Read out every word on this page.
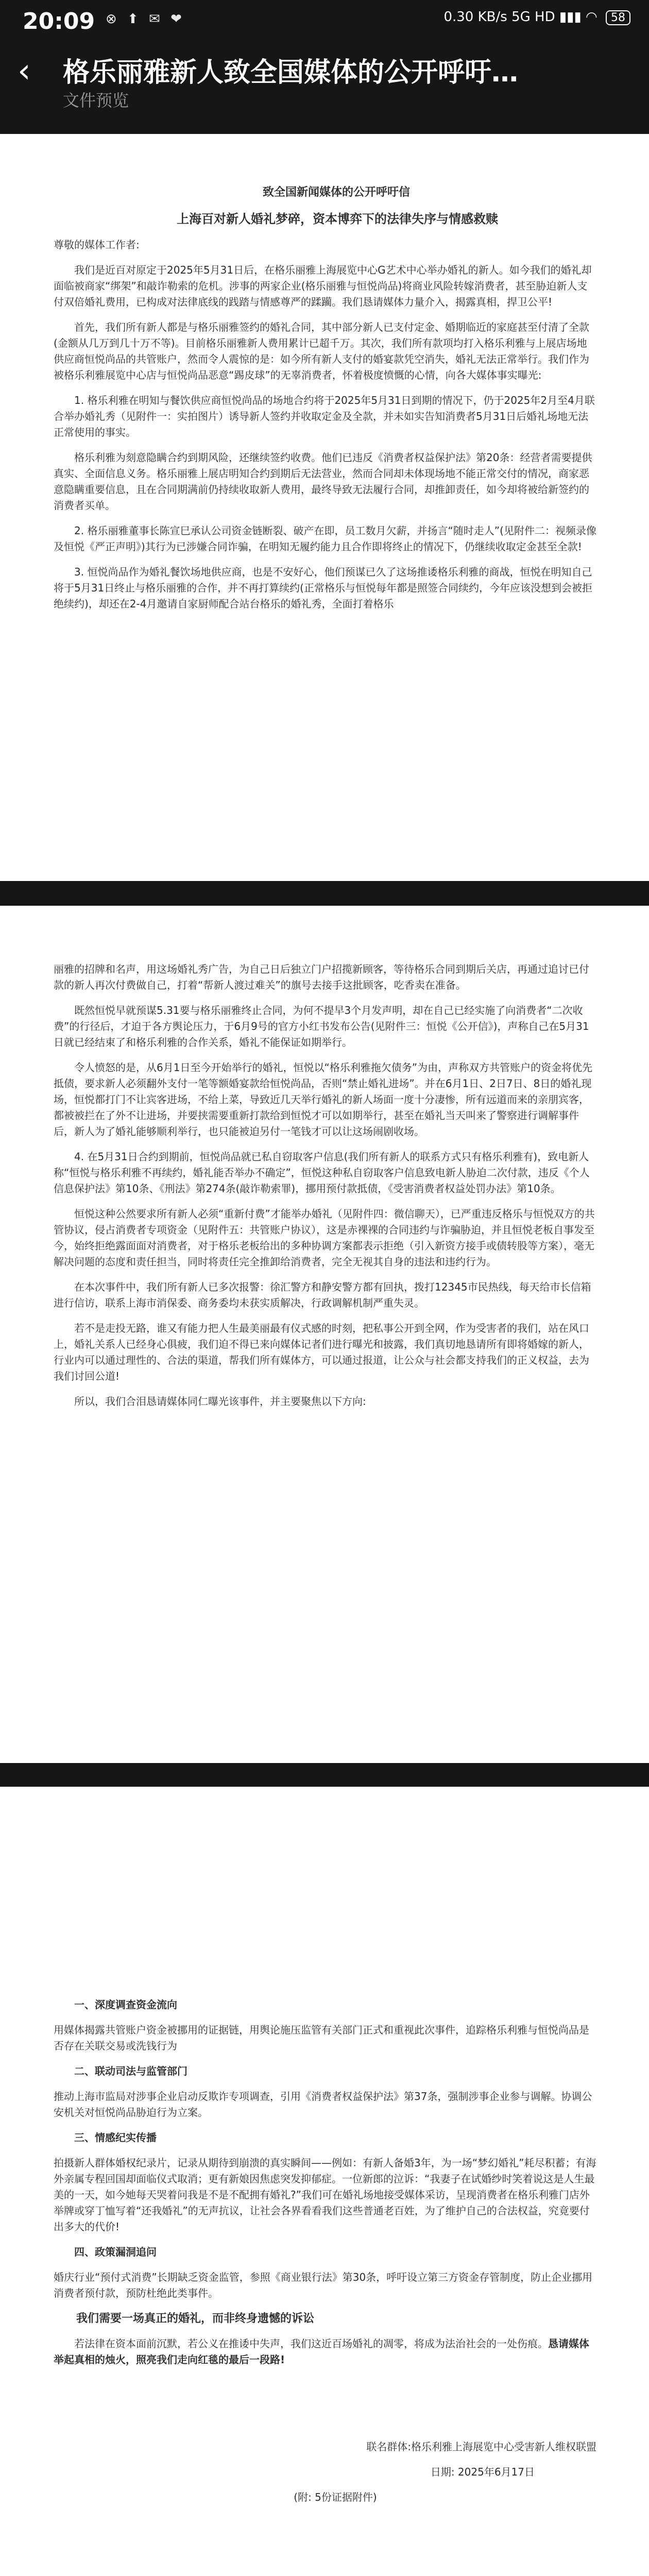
20:09 ⊗ ⬆ ✉ ❤	0.30 KB/s 5G HD ▮▮▮ ◠ 58
‹ 格乐丽雅新人致全国媒体的公开呼吁…
文件预览

致全国新闻媒体的公开呼吁信

上海百对新人婚礼梦碎，资本博弈下的法律失序与情感救赎

尊敬的媒体工作者:

我们是近百对原定于2025年5月31日后，在格乐丽雅上海展览中心G艺术中心举办婚礼的新人。如今我们的婚礼却面临被商家“绑架”和敲诈勒索的危机。涉事的两家企业(格乐丽雅与恒悦尚品)将商业风险转嫁消费者，甚至胁迫新人支付双倍婚礼费用，已构成对法律底线的践踏与情感尊严的蹂躏。我们恳请媒体力量介入，揭露真相，捍卫公平!

首先，我们所有新人都是与格乐丽雅签约的婚礼合同，其中部分新人已支付定金、婚期临近的家庭甚至付清了全款(金额从几万到几十万不等)。目前格乐丽雅新人费用累计已超千万。其次，我们所有款项均打入格乐利雅与上展店场地供应商恒悦尚品的共管账户，然而令人震惊的是：如今所有新人支付的婚宴款凭空消失，婚礼无法正常举行。我们作为被格乐利雅展览中心店与恒悦尚品恶意“踢皮球”的无辜消费者，怀着极度愤慨的心情，向各大媒体事实曝光:

1. 格乐利雅在明知与餐饮供应商恒悦尚品的场地合约将于2025年5月31日到期的情况下，仍于2025年2月至4月联合举办婚礼秀（见附件一：实拍图片）诱导新人签约并收取定金及全款，并未如实告知消费者5月31日后婚礼场地无法正常使用的事实。

格乐利雅为刻意隐瞒合约到期风险，还继续签约收费。他们已违反《消费者权益保护法》第20条：经营者需要提供真实、全面信息义务。格乐丽雅上展店明知合约到期后无法营业，然而合同却未体现场地不能正常交付的情况，商家恶意隐瞒重要信息，且在合同期满前仍持续收取新人费用，最终导致无法履行合同，却推卸责任，如今却将被给新签约的消费者买单。

2. 格乐丽雅董事长陈宣巳承认公司资金链断裂、破产在即，员工数月欠薪，并扬言“随时走人”(见附件二：视频录像及恒悦《严正声明》)其行为已涉嫌合同诈骗，在明知无履约能力且合作即将终止的情况下，仍继续收取定金甚至全款!

3. 恒悦尚品作为婚礼餐饮场地供应商，也是不安好心，他们预谋已久了这场推诿格乐利雅的商战，恒悦在明知自己将于5月31日终止与格乐丽雅的合作，并不再打算续约(正常格乐与恒悦每年都是照签合同续约，今年应该没想到会被拒绝续约)，却还在2-4月邀请自家厨师配合站台格乐的婚礼秀，全面打着格乐

丽雅的招牌和名声，用这场婚礼秀广告，为自己日后独立门户招揽新顾客，等待格乐合同到期后关店，再通过追讨已付款的新人再次付费做自己，打着“帮新人渡过难关”的旗号去接手这批顾客，吃香卖在准备。

既然恒悦早就预谋5.31要与格乐丽雅终止合同，为何不提早3个月发声明，却在自己已经实施了向消费者“二次收费”的行径后，才迫于各方舆论压力，于6月9号的官方小红书发布公告(见附件三：恒悦《公开信》)，声称自己在5月31日就已经结束了和格乐利雅的合作关系，婚礼不能保证如期举行。

令人愤怒的是，从6月1日至今开始举行的婚礼，恒悦以“格乐利雅拖欠债务”为由，声称双方共管账户的资金将优先抵债，要求新人必须翻外支付一笔等额婚宴款给恒悦尚品，否则“禁止婚礼进场”。并在6月1日、2日7日、8日的婚礼现场，恒悦都打门不让宾客进场，不给上菜，导致近几天举行婚礼的新人场面一度十分凄惨，所有远道而来的亲朋宾客，都被被拦在了外不让进场，并要挟需要重新打款给到恒悦才可以如期举行，甚至在婚礼当天叫来了警察进行调解事件后，新人为了婚礼能够顺利举行，也只能被迫另付一笔钱才可以让这场闹剧收场。

4. 在5月31日合约到期前，恒悦尚品就已私自窃取客户信息(我们所有新人的联系方式只有格乐利雅有)，致电新人称“恒悦与格乐利雅不再续约，婚礼能否举办不确定”，恒悦这种私自窃取客户信息致电新人胁迫二次付款，违反《个人信息保护法》第10条、《刑法》第274条(敲诈勒索罪)，挪用预付款抵债，《受害消费者权益处罚办法》第10条。

恒悦这种公然要求所有新人必须“重新付费”才能举办婚礼（见附件四：微信聊天），已严重违反格乐与恒悦双方的共管协议，侵占消费者专项资金（见附件五：共管账户协议），这是赤裸裸的合同违约与诈骗胁迫，并且恒悦老板自事发至今，始终拒绝露面面对消费者，对于格乐老板给出的多种协调方案都表示拒绝（引入新资方接手或债转股等方案），毫无解决问题的态度和责任担当，同时将责任完全推卸给消费者，完全无视其自身的违法和违约行为。

在本次事件中，我们所有新人已多次报警：徐汇警方和静安警方都有回执，拨打12345市民热线，每天给市长信箱进行信访，联系上海市消保委、商务委均未获实质解决，行政调解机制严重失灵。

若不是走投无路，谁又有能力把人生最美丽最有仪式感的时刻，把私事公开到全网，作为受害者的我们，站在风口上，婚礼关系人已经身心俱疲，我们迫不得已来向媒体记者们进行曝光和披露，我们真切地恳请所有即将婚嫁的新人，行业内可以通过理性的、合法的渠道，帮我们所有媒体方，可以通过报道，让公众与社会都支持我们的正义权益，去为我们讨回公道!

所以，我们合泪恳请媒体同仁曝光该事件，并主要聚焦以下方向:

一、深度调查资金流向

用媒体揭露共管账户资金被挪用的证据链，用舆论施压监管有关部门正式和重视此次事件，追踪格乐利雅与恒悦尚品是否存在关联交易或洗钱行为

二、联动司法与监管部门

推动上海市监局对涉事企业启动反欺诈专项调查，引用《消费者权益保护法》第37条，强制涉事企业参与调解。协调公安机关对恒悦尚品胁迫行为立案。

三、情感纪实传播

拍摄新人群体婚权纪录片，记录从期待到崩溃的真实瞬间——例如：有新人备婚3年，为一场“梦幻婚礼”耗尽积蓄；有海外亲属专程回国却面临仪式取消；更有新娘因焦虑突发抑郁症。一位新郎的泣诉：“我妻子在试婚纱时笑着说这是人生最美的一天，如今她每天哭着问我是不是不配拥有婚礼?”我们可在婚礼场地接受媒体采访，呈现消费者在格乐利雅门店外举牌或穿丁恤写着“还我婚礼”的无声抗议，让社会各界看看我们这些普通老百姓，为了维护自己的合法权益，究竟要付出多大的代价!

四、政策漏洞追问

婚庆行业“预付式消费”长期缺乏资金监管，参照《商业银行法》第30条，呼吁设立第三方资金存管制度，防止企业挪用消费者预付款，预防杜绝此类事件。

我们需要一场真正的婚礼，而非终身遗憾的诉讼

若法律在资本面前沉默，若公义在推诿中失声，我们这近百场婚礼的凋零，将成为法治社会的一处伤痕。恳请媒体举起真相的烛火，照亮我们走向红毯的最后一段路!

联名群体:格乐利雅上海展览中心受害新人维权联盟

日期: 2025年6月17日

(附: 5份证据附件)
